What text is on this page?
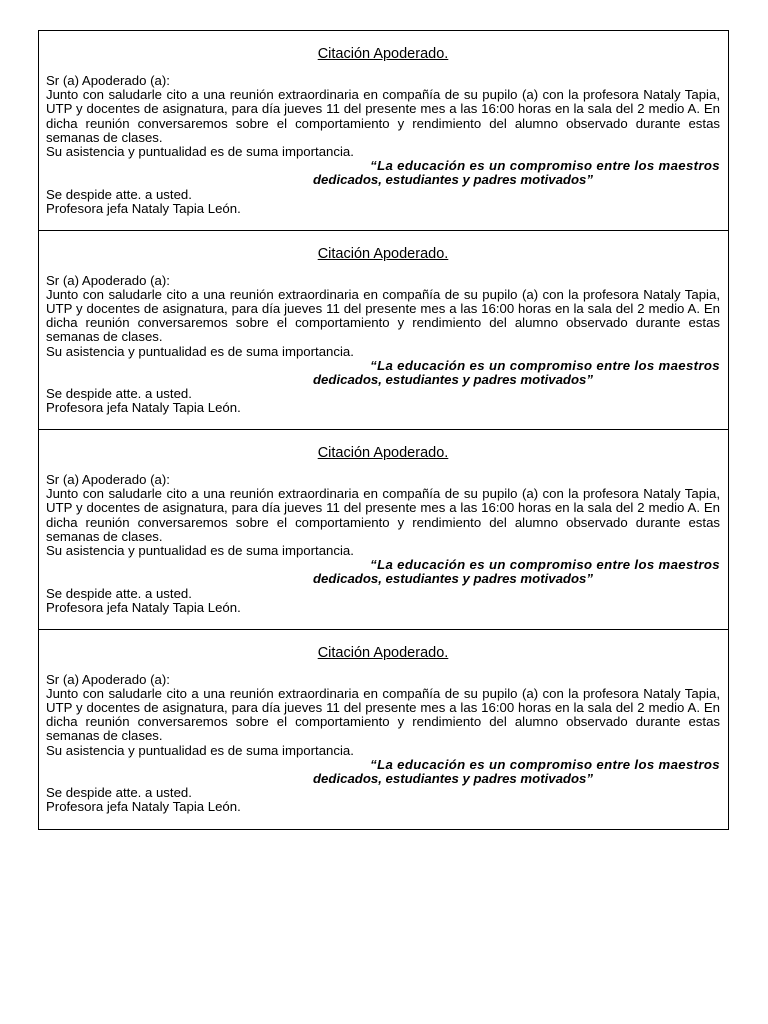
Citación Apoderado.

Sr (a) Apoderado (a):

Junto con saludarle cito a una reunión extraordinaria en compañía de su pupilo (a) con la profesora Nataly Tapia, UTP y docentes de asignatura, para día jueves 11 del presente mes a las 16:00 horas en la sala del 2 medio A. En dicha reunión conversaremos sobre el comportamiento y rendimiento del alumno observado durante estas semanas de clases.

Su asistencia y puntualidad es de suma importancia.

“La educación es un compromiso entre los maestros

dedicados, estudiantes y padres motivados”

Se despide atte. a usted.

Profesora jefa Nataly Tapia León.

Citación Apoderado.

Sr (a) Apoderado (a):

Junto con saludarle cito a una reunión extraordinaria en compañía de su pupilo (a) con la profesora Nataly Tapia, UTP y docentes de asignatura, para día jueves 11 del presente mes a las 16:00 horas en la sala del 2 medio A. En dicha reunión conversaremos sobre el comportamiento y rendimiento del alumno observado durante estas semanas de clases.

Su asistencia y puntualidad es de suma importancia.

“La educación es un compromiso entre los maestros

dedicados, estudiantes y padres motivados”

Se despide atte. a usted.

Profesora jefa Nataly Tapia León.

Citación Apoderado.

Sr (a) Apoderado (a):

Junto con saludarle cito a una reunión extraordinaria en compañía de su pupilo (a) con la profesora Nataly Tapia, UTP y docentes de asignatura, para día jueves 11 del presente mes a las 16:00 horas en la sala del 2 medio A. En dicha reunión conversaremos sobre el comportamiento y rendimiento del alumno observado durante estas semanas de clases.

Su asistencia y puntualidad es de suma importancia.

“La educación es un compromiso entre los maestros

dedicados, estudiantes y padres motivados”

Se despide atte. a usted.

Profesora jefa Nataly Tapia León.

Citación Apoderado.

Sr (a) Apoderado (a):

Junto con saludarle cito a una reunión extraordinaria en compañía de su pupilo (a) con la profesora Nataly Tapia, UTP y docentes de asignatura, para día jueves 11 del presente mes a las 16:00 horas en la sala del 2 medio A. En dicha reunión conversaremos sobre el comportamiento y rendimiento del alumno observado durante estas semanas de clases.

Su asistencia y puntualidad es de suma importancia.

“La educación es un compromiso entre los maestros

dedicados, estudiantes y padres motivados”

Se despide atte. a usted.

Profesora jefa Nataly Tapia León.
